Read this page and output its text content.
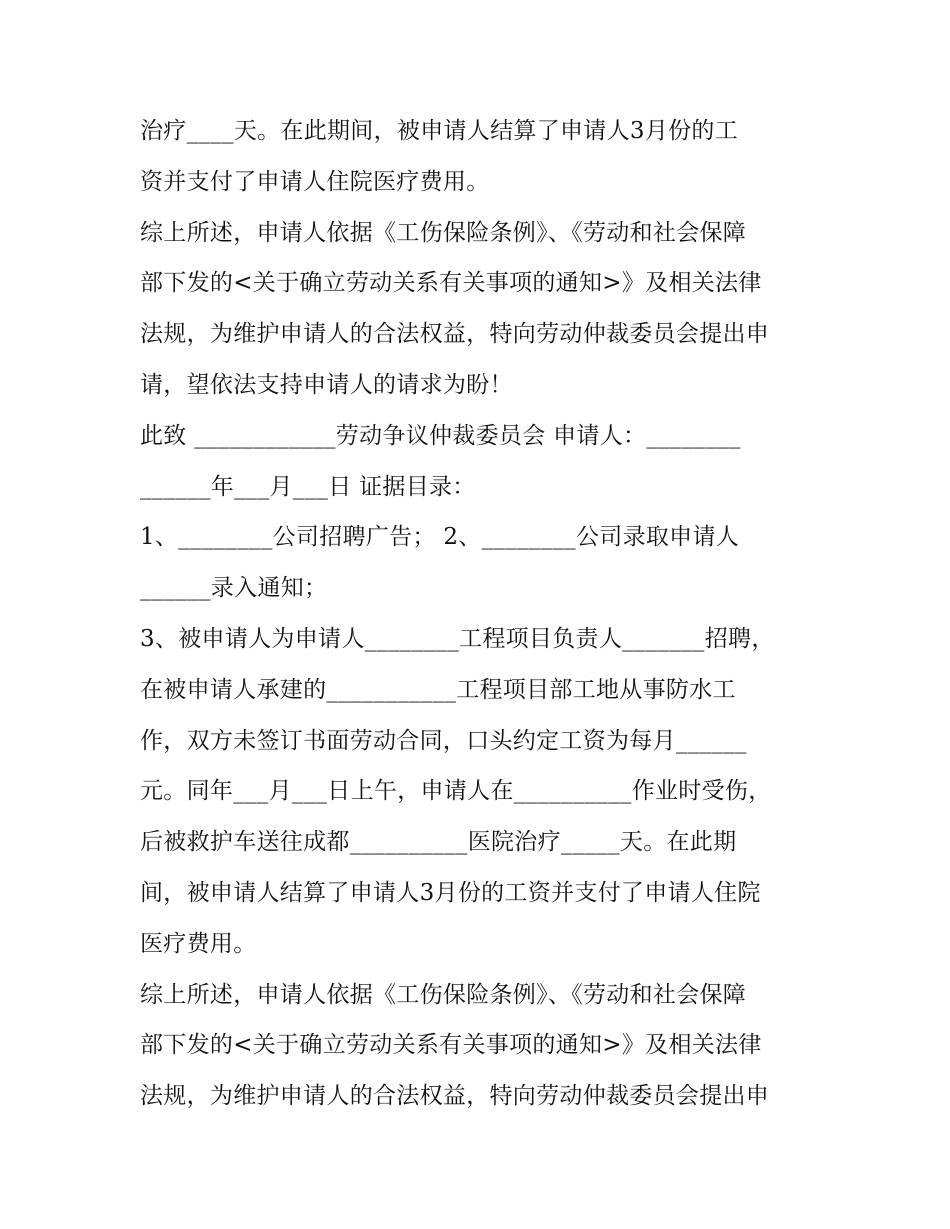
治疗____天。在此期间，被申请人结算了申请人3月份的工
资并支付了申请人住院医疗费用。
综上所述，申请人依据《工伤保险条例》、《劳动和社会保障
部下发的<关于确立劳动关系有关事项的通知>》及相关法律
法规，为维护申请人的合法权益，特向劳动仲裁委员会提出申
请，望依法支持申请人的请求为盼！
此致 ____________劳动争议仲裁委员会 申请人：________
______年___月___日 证据目录：
1、________公司招聘广告； 2、________公司录取申请人
______录入通知；
3、被申请人为申请人________工程项目负责人_______招聘，
在被申请人承建的___________工程项目部工地从事防水工
作，双方未签订书面劳动合同，口头约定工资为每月______
元。同年___月___日上午，申请人在__________作业时受伤，
后被救护车送往成都__________医院治疗_____天。在此期
间，被申请人结算了申请人3月份的工资并支付了申请人住院
医疗费用。
综上所述，申请人依据《工伤保险条例》、《劳动和社会保障
部下发的<关于确立劳动关系有关事项的通知>》及相关法律
法规，为维护申请人的合法权益，特向劳动仲裁委员会提出申
